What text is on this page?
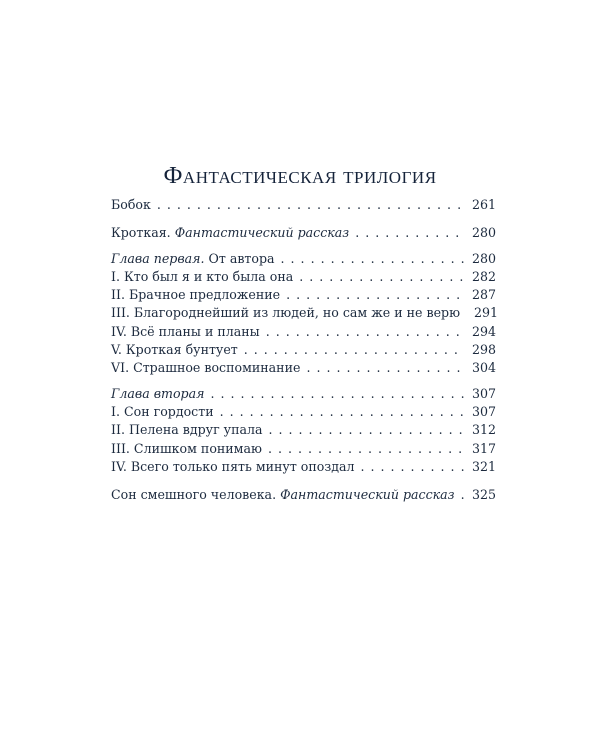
Фантастическая трилогия
Бобок . . .	261
Кроткая. Фантастический рассказ . . .	280
Глава первая. От автора . . .	280
I. Кто был я и кто была она . . .	282
II. Брачное предложение . . .	287
III. Благороднейший из людей, но сам же и не верю 291
IV. Всё планы и планы . . .	294
V. Кроткая бунтует . . .	298
VI. Страшное воспоминание . . .	304
Глава вторая . . .	307
I. Сон гордости . . .	307
II. Пелена вдруг упала . . .	312
III. Слишком понимаю . . .	317
IV. Всего только пять минут опоздал . . .	321
Сон смешного человека. Фантастический рассказ . . . 325
